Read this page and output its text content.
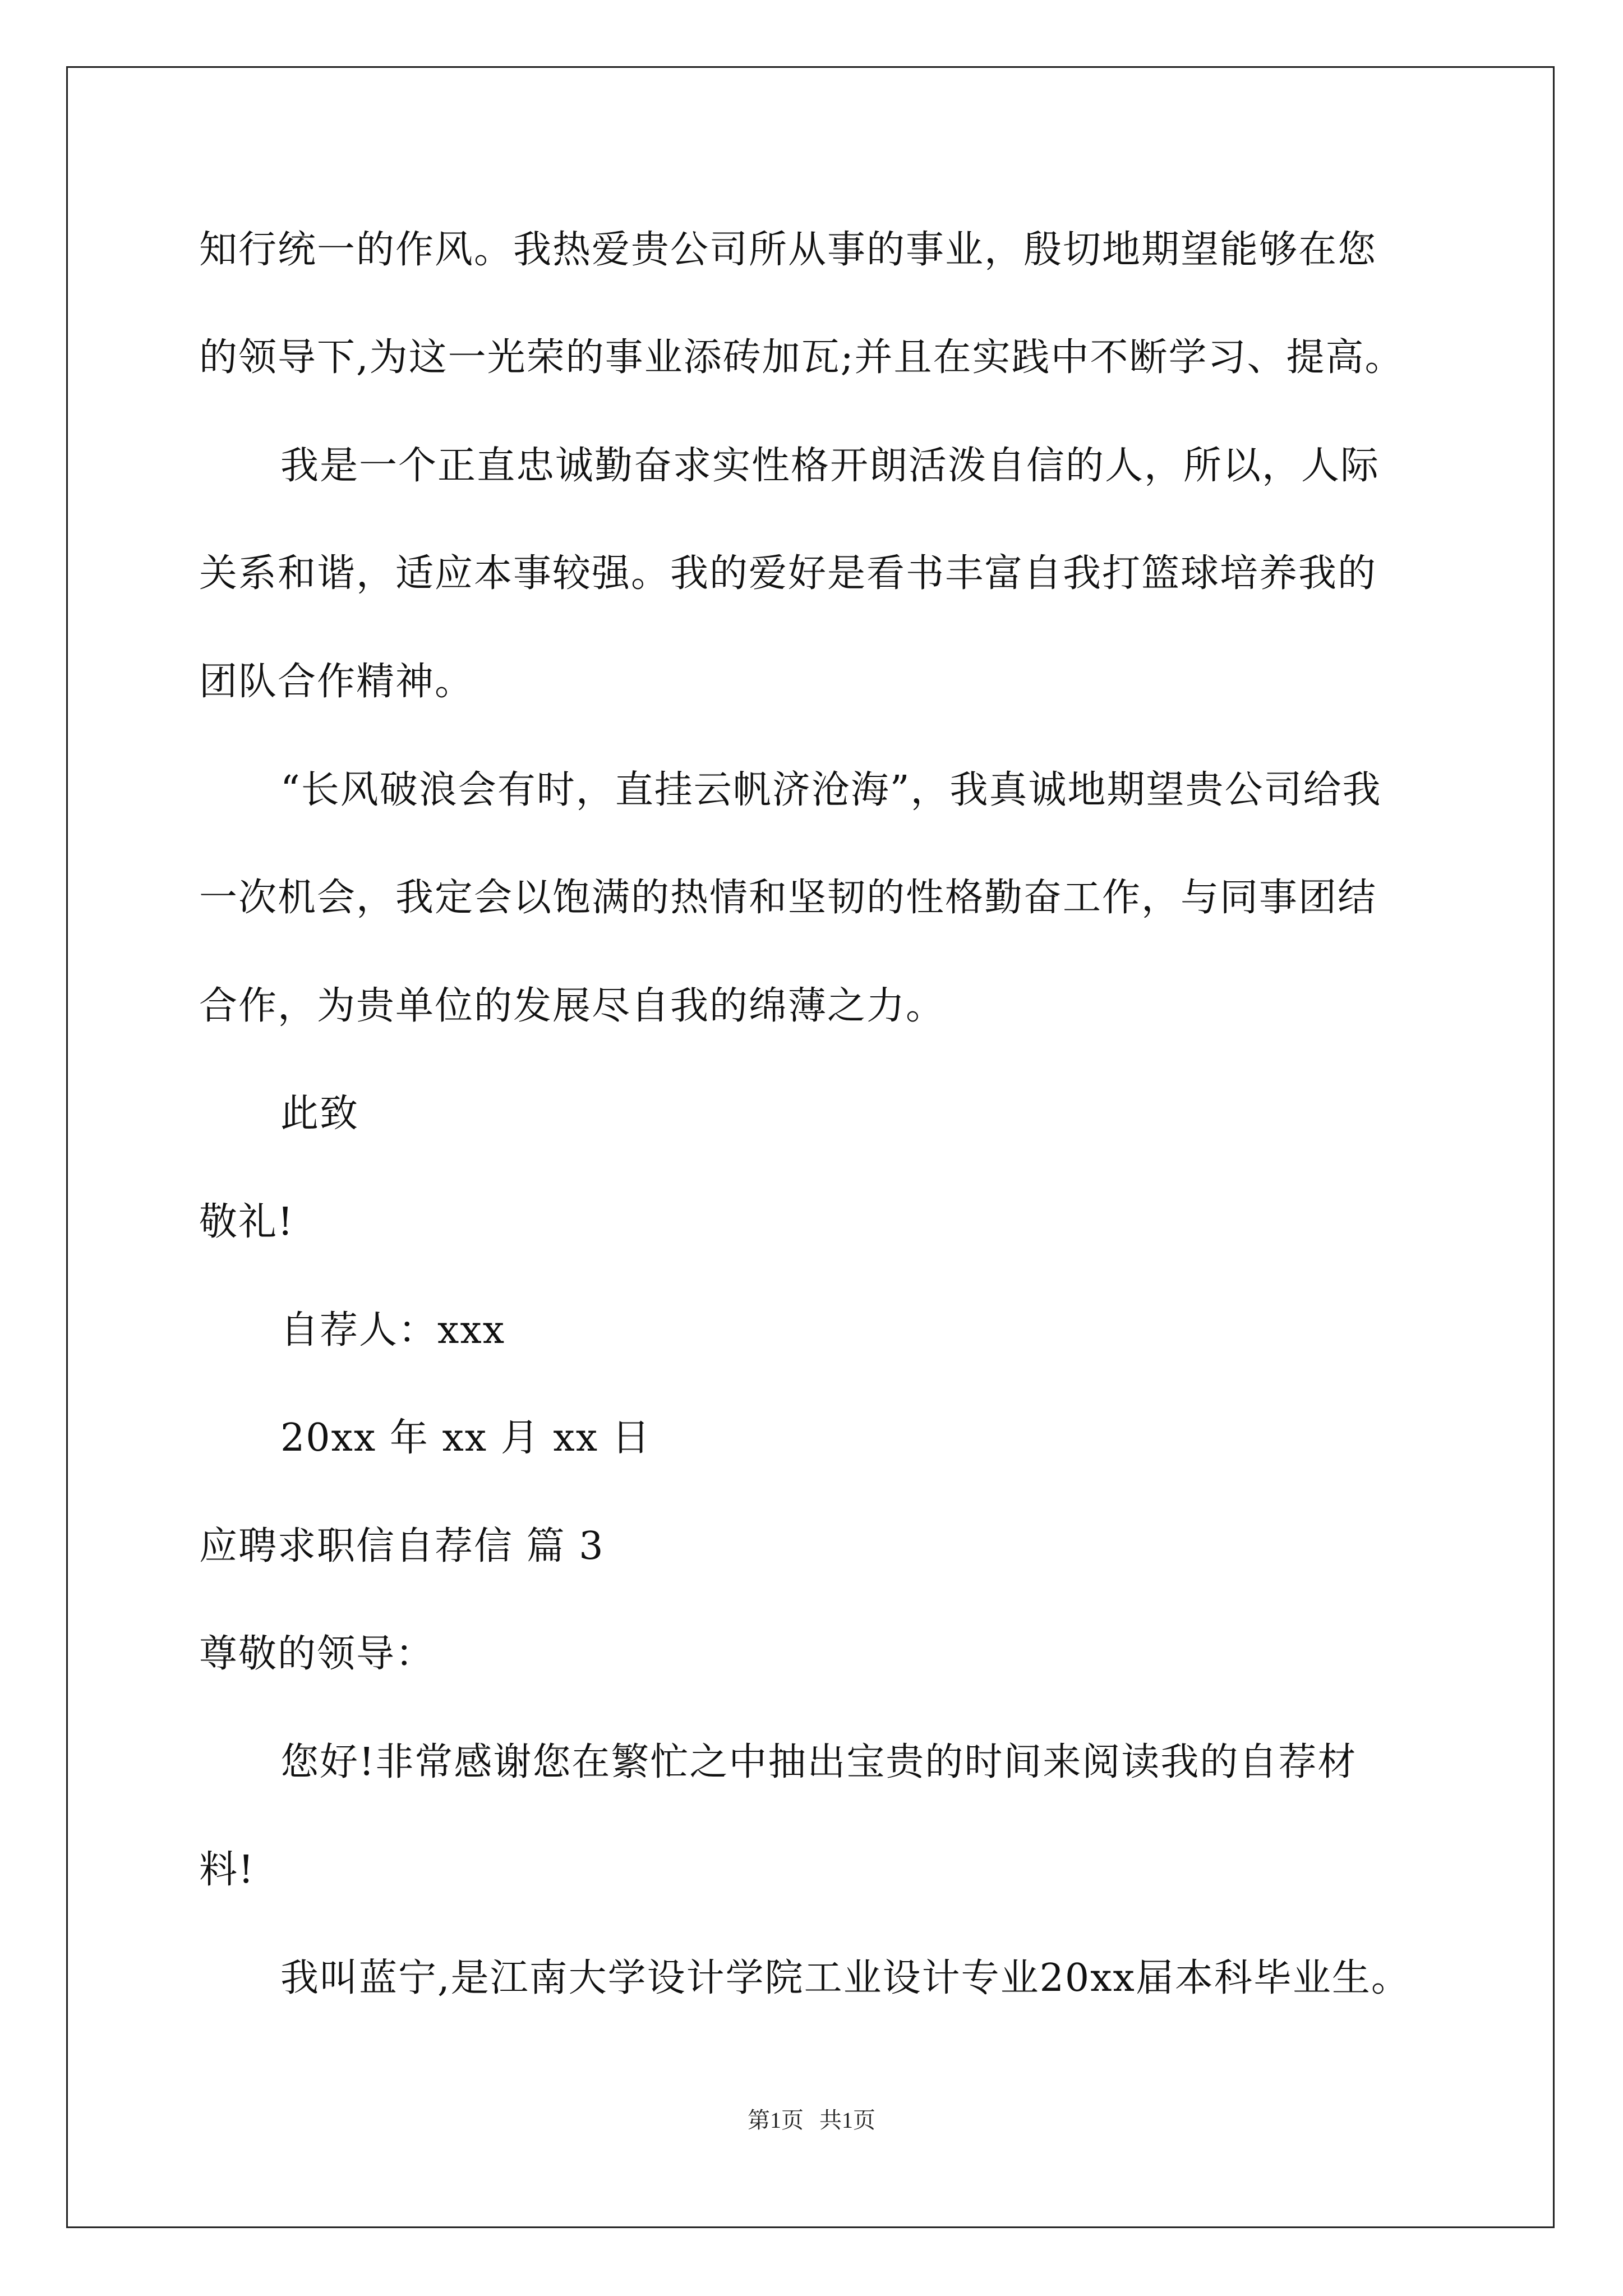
知行统一的作风。我热爱贵公司所从事的事业，殷切地期望能够在您
的领导下,为这一光荣的事业添砖加瓦;并且在实践中不断学习、提高。
我是一个正直忠诚勤奋求实性格开朗活泼自信的人，所以，人际
关系和谐，适应本事较强。我的爱好是看书丰富自我打篮球培养我的
团队合作精神。
“长风破浪会有时，直挂云帆济沧海”，我真诚地期望贵公司给我
一次机会，我定会以饱满的热情和坚韧的性格勤奋工作，与同事团结
合作，为贵单位的发展尽自我的绵薄之力。
此致
敬礼!
自荐人：xxx
20xx 年 xx 月 xx 日
应聘求职信自荐信 篇 3
尊敬的领导：
您好!非常感谢您在繁忙之中抽出宝贵的时间来阅读我的自荐材
料!
我叫蓝宁,是江南大学设计学院工业设计专业20xx届本科毕业生。
第1页 共1页
